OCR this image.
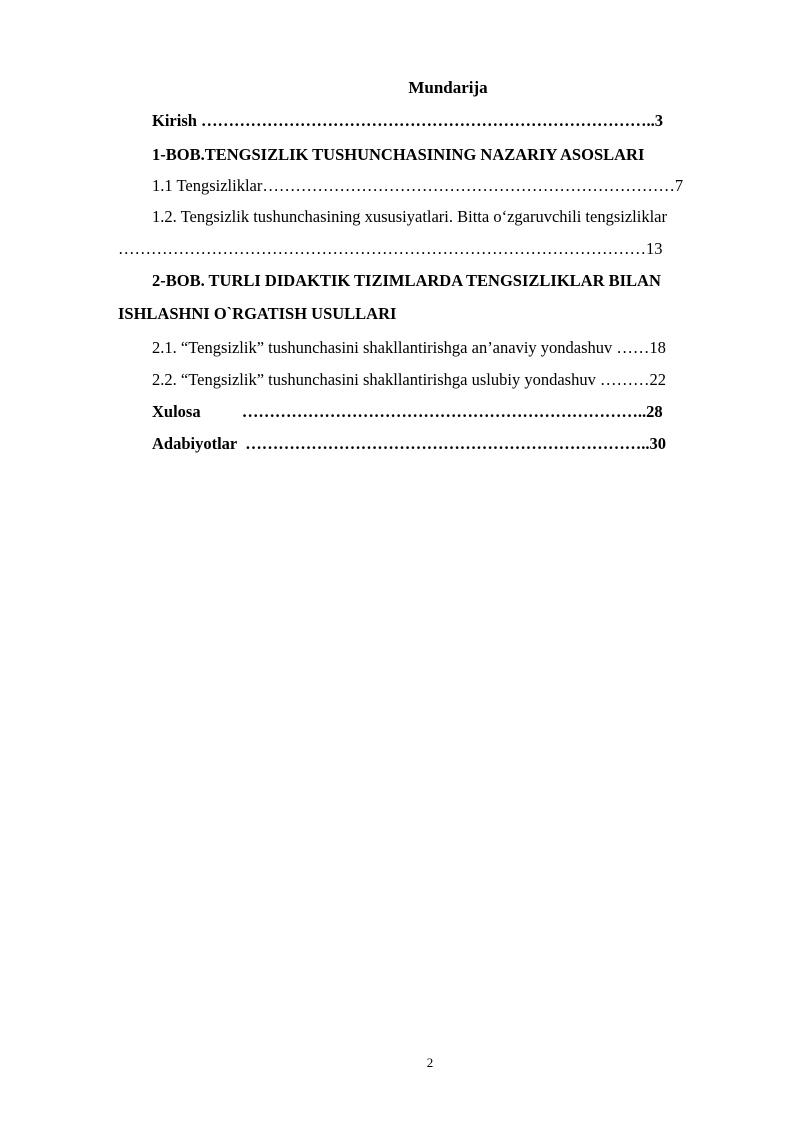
Mundarija
Kirish ………………………………………………………………………..3
1-BOB.TENGSIZLIK TUSHUNCHASINING NAZARIY ASOSLARI
1.1 Tengsizliklar…………………………………………………………………7
1.2. Tengsizlik tushunchasining xususiyatlari. Bitta o‘zgaruvchili tengsizliklar
……………………………………………………………………………………13
2-BOB. TURLI DIDAKTIK TIZIMLARDA TENGSIZLIKLAR BILAN
ISHLASHNI O`RGATISH USULLARI
2.1. “Tengsizlik” tushunchasini shakllantirishga an’anaviy yondashuv ……18
2.2. “Tengsizlik” tushunchasini shakllantirishga uslubiy yondashuv ………22
Xulosa          ………………………………………………………………..28
Adabiyotlar  ………………………………………………………………..30
2
